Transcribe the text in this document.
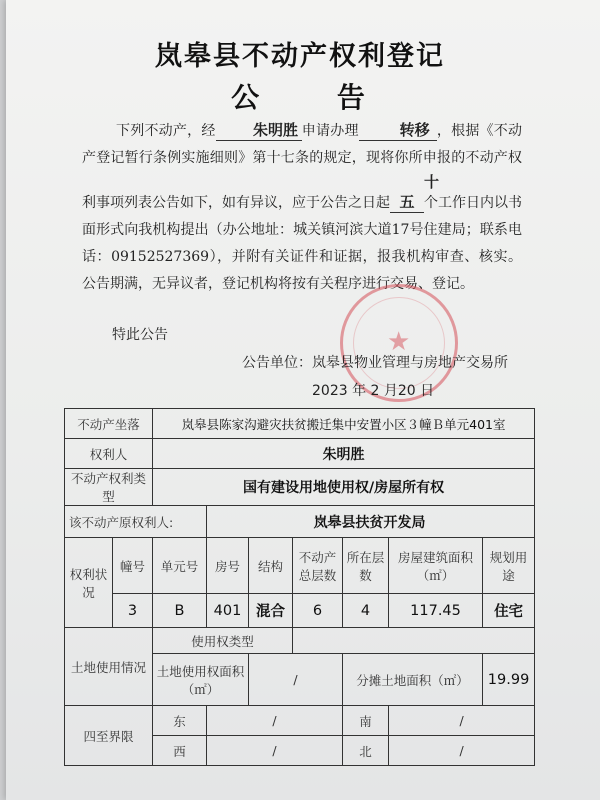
岚皋县不动产权利登记
公 告
下列不动产，经 朱明胜 申请办理	转移 ，根据《不动产登记暂行条例实施细则》第十七条的规定，现将你所申报的不动产权利事项列表公告如下，如有异议，应于公告之日起十五 个工作日内以书面形式向我机构提出（办公地址：城关镇河滨大道17号住建局；联系电话：09152527369），并附有关证件和证据，报我机构审查、核实。公告期满，无异议者，登记机构将按有关程序进行交易、登记。
特此公告	★
公告单位：岚皋县物业管理与房地产交易所
2023 年 2 月20 日
不动产坐落		岚皋县陈家沟避灾扶贫搬迁集中安置小区３幢Ｂ单元401室						
权利人		朱明胜						
不动产权利类型		国有建设用地使用权/房屋所有权						
该不动产原权利人:			岚皋县扶贫开发局					
权利状况	幢号	单元号	房号	结构	不动产总层数	所在层数	房屋建筑面积（㎡）	规划用途
	3	B	401	混合	6	4	117.45	住宅
土地使用情况		使用权类型						
		土地使用权面积（㎡）		/		分摊土地面积（㎡）		19.99
四至界限		东	/			南	/	
		西	/			北	/	
